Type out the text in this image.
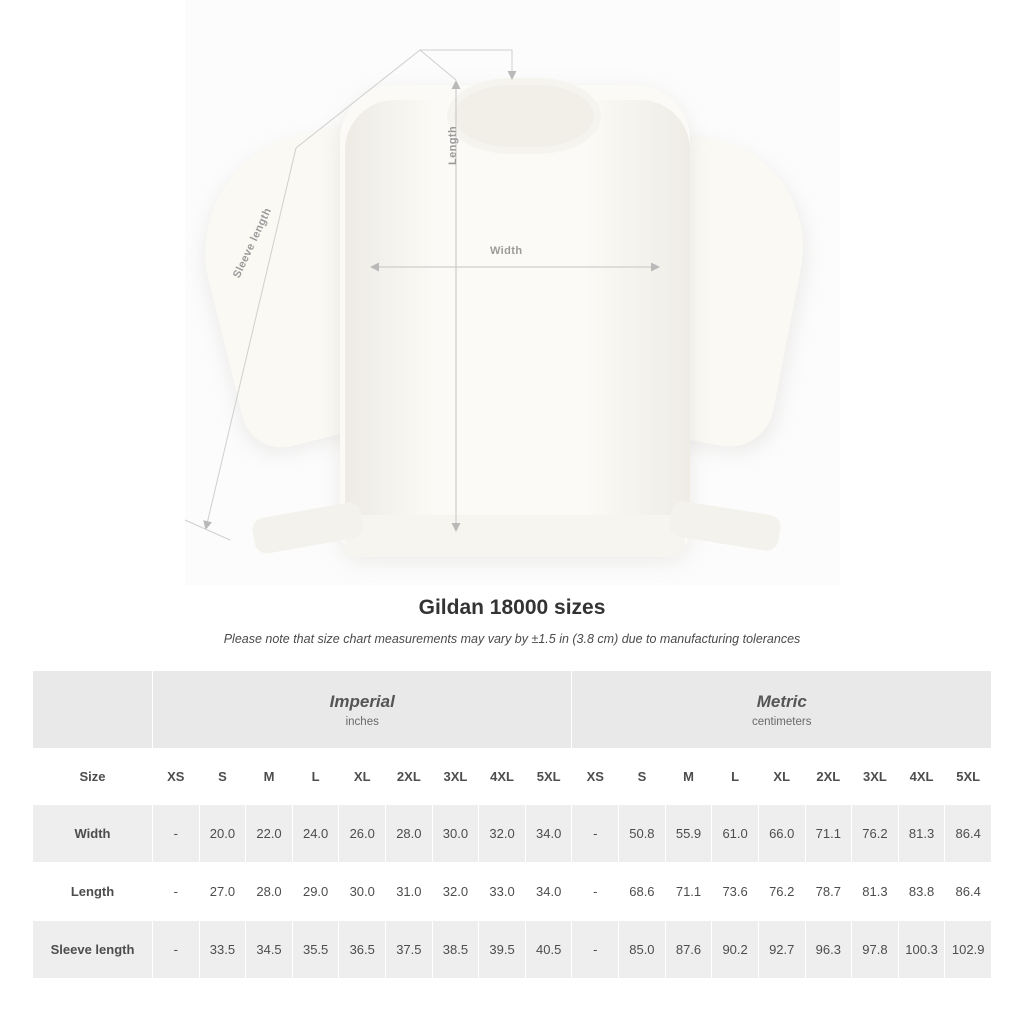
Length
Width
Sleeve length
Gildan 18000 sizes

Please note that size chart measurements may vary by ±1.5 in (3.8 cm) due to manufacturing tolerances

	Imperial
inches									Metric
centimeters								

Size	XS	S	M	L	XL	2XL	3XL	4XL	5XL	XS	S	M	L	XL	2XL	3XL	4XL	5XL
Width	-	20.0	22.0	24.0	26.0	28.0	30.0	32.0	34.0	-	50.8	55.9	61.0	66.0	71.1	76.2	81.3	86.4
Length	-	27.0	28.0	29.0	30.0	31.0	32.0	33.0	34.0	-	68.6	71.1	73.6	76.2	78.7	81.3	83.8	86.4
Sleeve length	-	33.5	34.5	35.5	36.5	37.5	38.5	39.5	40.5	-	85.0	87.6	90.2	92.7	96.3	97.8	100.3	102.9
